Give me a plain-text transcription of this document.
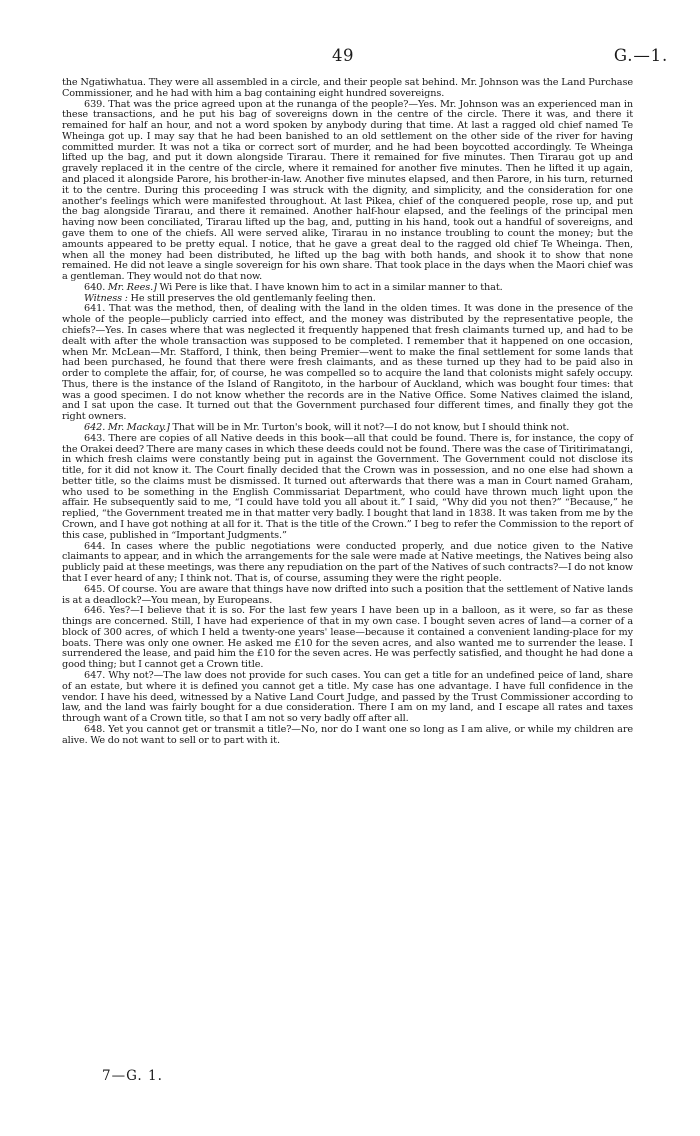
49	G.—1.

the Ngatiwhatua. They were all assembled in a circle, and their people sat behind. Mr. Johnson was the Land Purchase Commissioner, and he had with him a bag containing eight hundred sovereigns.

639. That was the price agreed upon at the runanga of the people?—Yes. Mr. Johnson was an experienced man in these transactions, and he put his bag of sovereigns down in the centre of the circle. There it was, and there it remained for half an hour, and not a word spoken by anybody during that time. At last a ragged old chief named Te Wheinga got up. I may say that he had been banished to an old settlement on the other side of the river for having committed murder. It was not a tika or correct sort of murder, and he had been boycotted accordingly. Te Wheinga lifted up the bag, and put it down alongside Tirarau. There it remained for five minutes. Then Tirarau got up and gravely replaced it in the centre of the circle, where it remained for another five minutes. Then he lifted it up again, and placed it alongside Parore, his brother-in-law. Another five minutes elapsed, and then Parore, in his turn, returned it to the centre. During this proceeding I was struck with the dignity, and simplicity, and the consideration for one another's feelings which were manifested throughout. At last Pikea, chief of the conquered people, rose up, and put the bag alongside Tirarau, and there it remained. Another half-hour elapsed, and the feelings of the principal men having now been conciliated, Tirarau lifted up the bag, and, putting in his hand, took out a handful of sovereigns, and gave them to one of the chiefs. All were served alike, Tirarau in no instance troubling to count the money; but the amounts appeared to be pretty equal. I notice, that he gave a great deal to the ragged old chief Te Wheinga. Then, when all the money had been distributed, he lifted up the bag with both hands, and shook it to show that none remained. He did not leave a single sovereign for his own share. That took place in the days when the Maori chief was a gentleman. They would not do that now.

640. Mr. Rees.] Wi Pere is like that. I have known him to act in a similar manner to that.

Witness : He still preserves the old gentlemanly feeling then.

641. That was the method, then, of dealing with the land in the olden times. It was done in the presence of the whole of the people—publicly carried into effect, and the money was distributed by the representative people, the chiefs?—Yes. In cases where that was neglected it frequently happened that fresh claimants turned up, and had to be dealt with after the whole transaction was supposed to be completed. I remember that it happened on one occasion, when Mr. McLean—Mr. Stafford, I think, then being Premier—went to make the final settlement for some lands that had been purchased, he found that there were fresh claimants, and as these turned up they had to be paid also in order to complete the affair, for, of course, he was compelled so to acquire the land that colonists might safely occupy. Thus, there is the instance of the Island of Rangitoto, in the harbour of Auckland, which was bought four times: that was a good specimen. I do not know whether the records are in the Native Office. Some Natives claimed the island, and I sat upon the case. It turned out that the Government purchased four different times, and finally they got the right owners.

642. Mr. Mackay.] That will be in Mr. Turton's book, will it not?—I do not know, but I should think not.

643. There are copies of all Native deeds in this book—all that could be found. There is, for instance, the copy of the Orakei deed? There are many cases in which these deeds could not be found. There was the case of Tiritirimatangi, in which fresh claims were constantly being put in against the Government. The Government could not disclose its title, for it did not know it. The Court finally decided that the Crown was in possession, and no one else had shown a better title, so the claims must be dismissed. It turned out afterwards that there was a man in Court named Graham, who used to be something in the English Commissariat Department, who could have thrown much light upon the affair. He subsequently said to me, “I could have told you all about it.” I said, “Why did you not then?” “Because,” he replied, “the Government treated me in that matter very badly. I bought that land in 1838. It was taken from me by the Crown, and I have got nothing at all for it. That is the title of the Crown.” I beg to refer the Commission to the report of this case, published in “Important Judgments.”

644. In cases where the public negotiations were conducted properly, and due notice given to the Native claimants to appear, and in which the arrangements for the sale were made at Native meetings, the Natives being also publicly paid at these meetings, was there any repudiation on the part of the Natives of such contracts?—I do not know that I ever heard of any; I think not. That is, of course, assuming they were the right people.

645. Of course. You are aware that things have now drifted into such a position that the settlement of Native lands is at a deadlock?—You mean, by Europeans.

646. Yes?—I believe that it is so. For the last few years I have been up in a balloon, as it were, so far as these things are concerned. Still, I have had experience of that in my own case. I bought seven acres of land—a corner of a block of 300 acres, of which I held a twenty-one years' lease—because it contained a convenient landing-place for my boats. There was only one owner. He asked me £10 for the seven acres, and also wanted me to surrender the lease. I surrendered the lease, and paid him the £10 for the seven acres. He was perfectly satisfied, and thought he had done a good thing; but I cannot get a Crown title.

647. Why not?—The law does not provide for such cases. You can get a title for an undefined peice of land, share of an estate, but where it is defined you cannot get a title. My case has one advantage. I have full confidence in the vendor. I have his deed, witnessed by a Native Land Court Judge, and passed by the Trust Commissioner according to law, and the land was fairly bought for a due consideration. There I am on my land, and I escape all rates and taxes through want of a Crown title, so that I am not so very badly off after all.

648. Yet you cannot get or transmit a title?—No, nor do I want one so long as I am alive, or while my children are alive. We do not want to sell or to part with it.

7—G. 1.
